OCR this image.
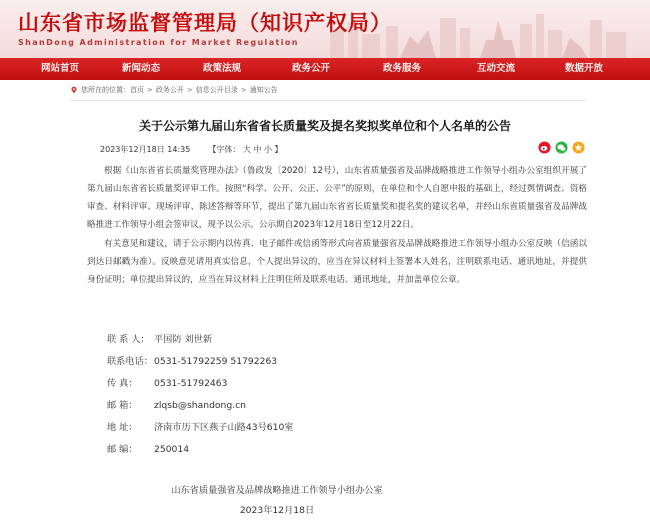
山东省市场监督管理局（知识产权局）
ShanDong Administration for Market Regulation
网站首页	新闻动态	政策法规	政务公开	政务服务	互动交流	数据开放
您所在的位置： 首页 > 政务公开 > 信息公开目录 > 通知公告
关于公示第九届山东省省长质量奖及提名奖拟奖单位和个人名单的公告
2023年12月18日 14:35 【字体： 大 中 小 】
根据《山东省省长质量奖管理办法》（鲁政发〔2020〕12号），山东省质量强省及品牌战略推进工作领导小组办公室组织开展了第九届山东省省长质量奖评审工作。按照“科学、公开、公正、公平”的原则，在单位和个人自愿申报的基础上，经过舆情调查、资格审查、材料评审、现场评审、陈述答辩等环节，提出了第九届山东省省长质量奖和提名奖的建议名单，并经山东省质量强省及品牌战略推进工作领导小组会签审议，现予以公示。公示期自2023年12月18日至12月22日。
有关意见和建议，请于公示期内以传真、电子邮件或信函等形式向省质量强省及品牌战略推进工作领导小组办公室反映（信函以到达日邮戳为准）。反映意见请用真实信息，个人提出异议的，应当在异议材料上签署本人姓名，注明联系电话、通讯地址，并提供身份证明；单位提出异议的，应当在异议材料上注明住所及联系电话、通讯地址，并加盖单位公章。
联 系 人： 平国防 刘世新
联系电话： 0531-51792259 51792263
传 真：	0531-51792463
邮 箱：	zlqsb@shandong.cn
地 址：	济南市历下区燕子山路43号610室
邮 编：	250014
山东省质量强省及品牌战略推进工作领导小组办公室
2023年12月18日
